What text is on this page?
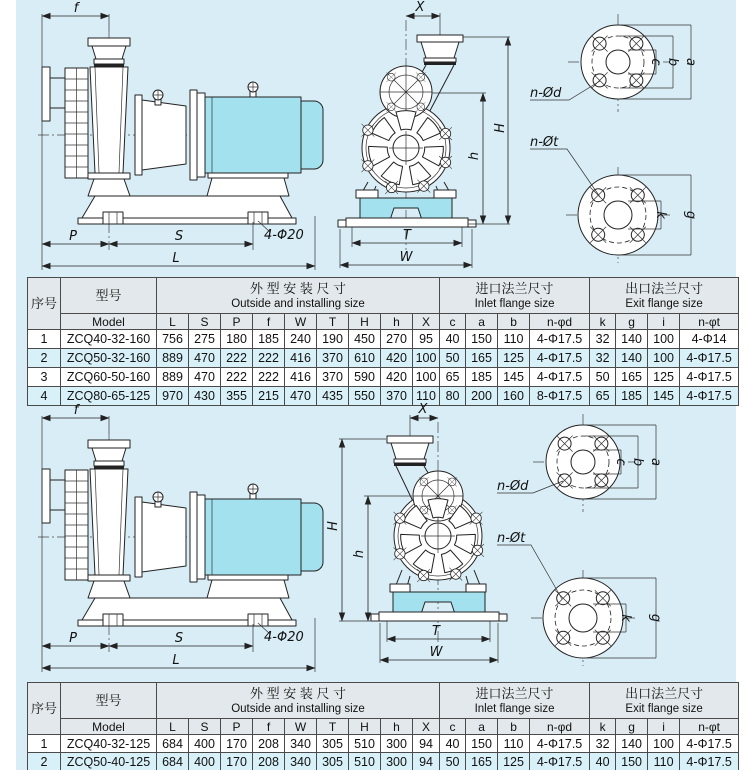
f
P	S
L
4-Φ20
X
H
h
T
W
n-Ød
c b a
n-Øt
k g
序号	型号	外 型 安 装 尺 寸
Outside and installing size

进口法兰尺寸
Inlet flange size

出口法兰尺寸
Exit flange size

	Model	L	S	P	f	W	T	H	h	X	c	a	b	n-φd	k	g	i	n-φt
1	ZCQ40-32-160	756	275	180	185	240	190	450	270	95	40	150	110	4-Φ17.5	32	140	100	4-Φ14
2	ZCQ50-32-160	889	470	222	222	416	370	610	420	100	50	165	125	4-Φ17.5	32	140	100	4-Φ17.5
3	ZCQ60-50-160	889	470	222	222	416	370	590	420	100	65	185	145	4-Φ17.5	50	165	125	4-Φ17.5
4	ZCQ80-65-125	970	430	355	215	470	435	550	370	110	80	200	160	8-Φ17.5	65	185	145	4-Φ17.5
f
P	S
L
4-Φ20
X
H
h
T
W
n-Ød
c b a
n-Øt
k g
序号	型号	外 型 安 装 尺 寸
Outside and installing size

进口法兰尺寸
Inlet flange size

出口法兰尺寸
Exit flange size

	Model	L	S	P	f	W	T	H	h	X	c	a	b	n-φd	k	g	i	n-φt
1	ZCQ40-32-125	684	400	170	208	340	305	510	300	94	40	150	110	4-Φ17.5	32	140	100	4-Φ17.5
2	ZCQ50-40-125	684	400	170	208	340	305	510	300	94	50	165	125	4-Φ17.5	40	150	110	4-Φ17.5
